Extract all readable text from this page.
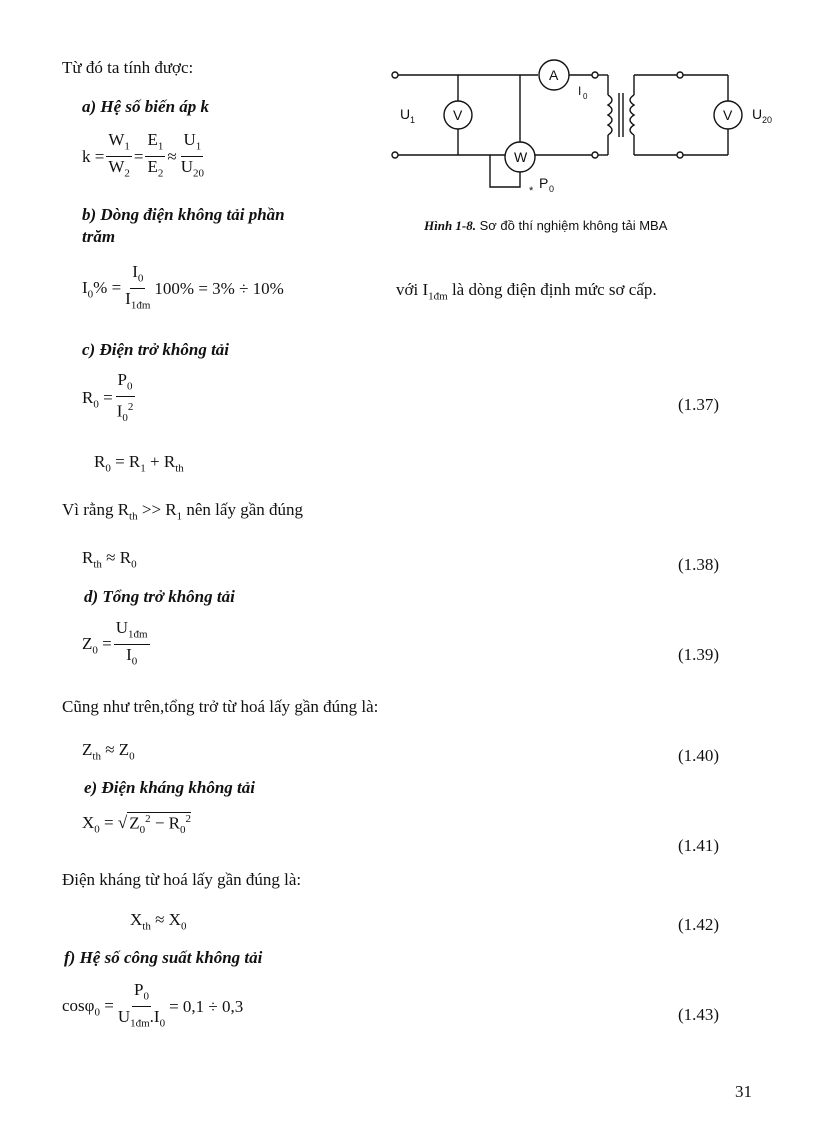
Từ đó ta tính được:
a) Hệ số biến áp k
$k = \frac{W_1}{W_2} = \frac{E_1}{E_2} \approx \frac{U_1}{U_{20}}$
b) Dòng điện không tải phần
trăm
$I_0\% = \frac{I_0}{I_{1đm}} 100\% = 3\% \div 10\%$	với $I_{1đm}$ là dòng điện định mức sơ cấp.
c) Điện trở không tải
$R_0 = \frac{P_0}{I_0^2}$	(1.37)
$R_0 = R_1 + R_{th}$
Vì rằng $R_{th} >> R_1$ nên lấy gần đúng
$R_{th} \approx R_0$	(1.38)
d) Tổng trở không tải
$Z_0 = \frac{U_{1đm}}{I_0}$	(1.39)
Cũng như trên,tổng trở từ hoá lấy gần đúng là:
$Z_{th} \approx Z_0$	(1.40)
e) Điện kháng không tải
$X_0$ = √ $Z_0^2 - R_0^2$
(1.41)
Điện kháng từ hoá lấy gần đúng là:
$X_{th} \approx X_0$	(1.42)
f) Hệ số công suất không tải
$\cos\varphi_0 = \frac{P_0}{U_{1đm}.I_0} = 0,1 \div 0,3$	(1.43)
31
A
V	V
W
U 1	U 20
I 0
P 0
*
Hình 1-8. Sơ đồ thí nghiệm không tải MBA
